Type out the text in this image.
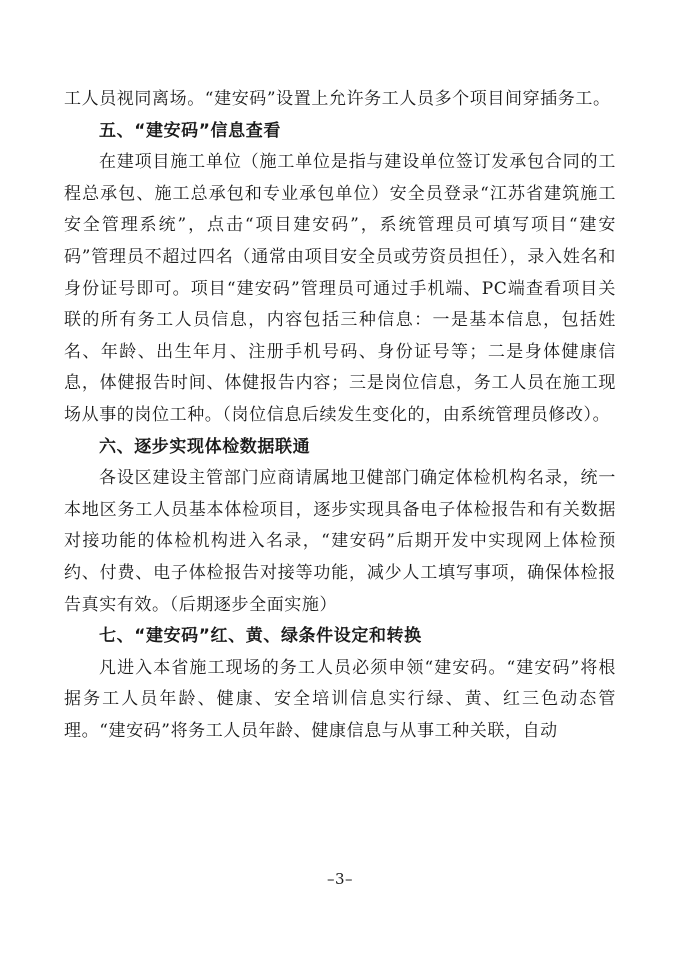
工人员视同离场。“建安码”设置上允许务工人员多个项目间穿插务工。

五、“建安码”信息查看

在建项目施工单位（施工单位是指与建设单位签订发承包合同的工程总承包、施工总承包和专业承包单位）安全员登录“江苏省建筑施工安全管理系统”，点击“项目建安码”，系统管理员可填写项目“建安码”管理员不超过四名（通常由项目安全员或劳资员担任），录入姓名和身份证号即可。项目“建安码”管理员可通过手机端、PC端查看项目关联的所有务工人员信息，内容包括三种信息：一是基本信息，包括姓名、年龄、出生年月、注册手机号码、身份证号等；二是身体健康信息，体健报告时间、体健报告内容；三是岗位信息，务工人员在施工现场从事的岗位工种。（岗位信息后续发生变化的，由系统管理员修改）。

六、逐步实现体检数据联通

各设区建设主管部门应商请属地卫健部门确定体检机构名录，统一本地区务工人员基本体检项目，逐步实现具备电子体检报告和有关数据对接功能的体检机构进入名录，“建安码”后期开发中实现网上体检预约、付费、电子体检报告对接等功能，减少人工填写事项，确保体检报告真实有效。（后期逐步全面实施）

七、“建安码”红、黄、绿条件设定和转换

凡进入本省施工现场的务工人员必须申领“建安码。“建安码”将根据务工人员年龄、健康、安全培训信息实行绿、黄、红三色动态管理。“建安码”将务工人员年龄、健康信息与从事工种关联，自动

–3–
